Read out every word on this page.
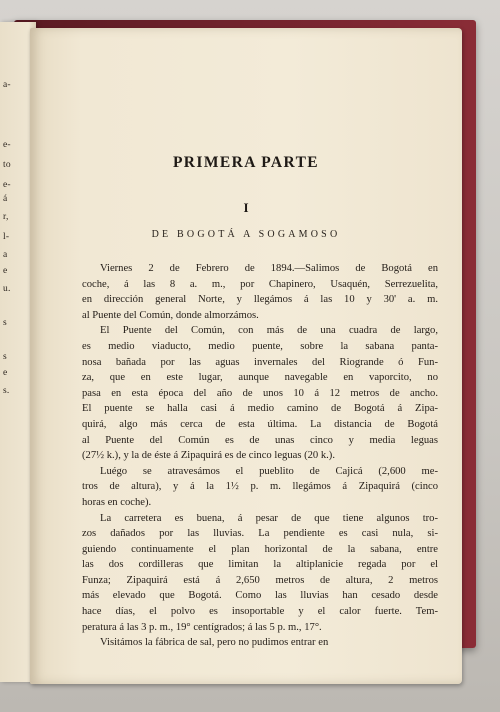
a-
e-
to
e-
á
r,
l-
a
e
u.
s
s
e
s.
PRIMERA PARTE
I
DE BOGOTÁ A SOGAMOSO
Viernes 2 de Febrero de 1894.—Salimos de Bogotá en
coche, á las 8 a. m., por Chapinero, Usaquén, Serrezuelita,
en dirección general Norte, y llegámos á las 10 y 30' a. m.
al Puente del Común, donde almorzámos.
El Puente del Común, con más de una cuadra de largo,
es medio viaducto, medio puente, sobre la sabana panta-
nosa bañada por las aguas invernales del Riogrande ó Fun-
za, que en este lugar, aunque navegable en vaporcito, no
pasa en esta época del año de unos 10 á 12 metros de ancho.
El puente se halla casi á medio camino de Bogotá á Zipa-
quirá, algo más cerca de esta última. La distancia de Bogotá
al Puente del Común es de unas cinco y media leguas
(27½ k.), y la de éste á Zipaquirá es de cinco leguas (20 k.).
Luégo se atravesámos el pueblito de Cajicá (2,600 me-
tros de altura), y á la 1½ p. m. llegámos á Zipaquirá (cinco
horas en coche).
La carretera es buena, á pesar de que tiene algunos tro-
zos dañados por las lluvias. La pendiente es casi nula, si-
guiendo continuamente el plan horizontal de la sabana, entre
las dos cordilleras que limitan la altiplanicie regada por el
Funza; Zipaquirá está á 2,650 metros de altura, 2 metros
más elevado que Bogotá. Como las lluvias han cesado desde
hace días, el polvo es insoportable y el calor fuerte. Tem-
peratura á las 3 p. m., 19° centígrados; á las 5 p. m., 17°.
Visitámos la fábrica de sal, pero no pudimos entrar en
